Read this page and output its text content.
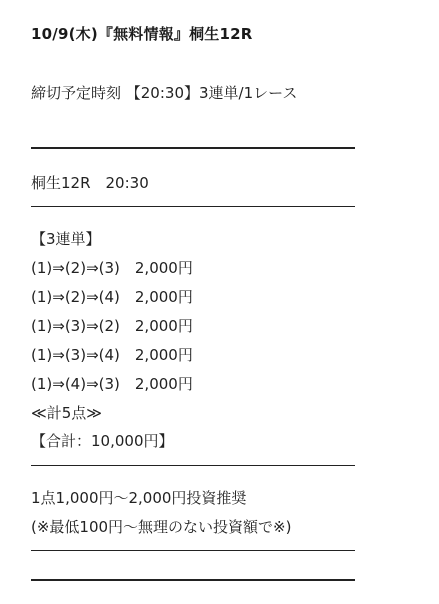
10/9(木)『無料情報』桐生12R
締切予定時刻 【20:30】3連単/1レース
桐生12R　20:30
【3連単】
(1)⇒(2)⇒(3)　2,000円
(1)⇒(2)⇒(4)　2,000円
(1)⇒(3)⇒(2)　2,000円
(1)⇒(3)⇒(4)　2,000円
(1)⇒(4)⇒(3)　2,000円
≪計5点≫
【合計：10,000円】
1点1,000円〜2,000円投資推奨
(※最低100円〜無理のない投資額で※)
